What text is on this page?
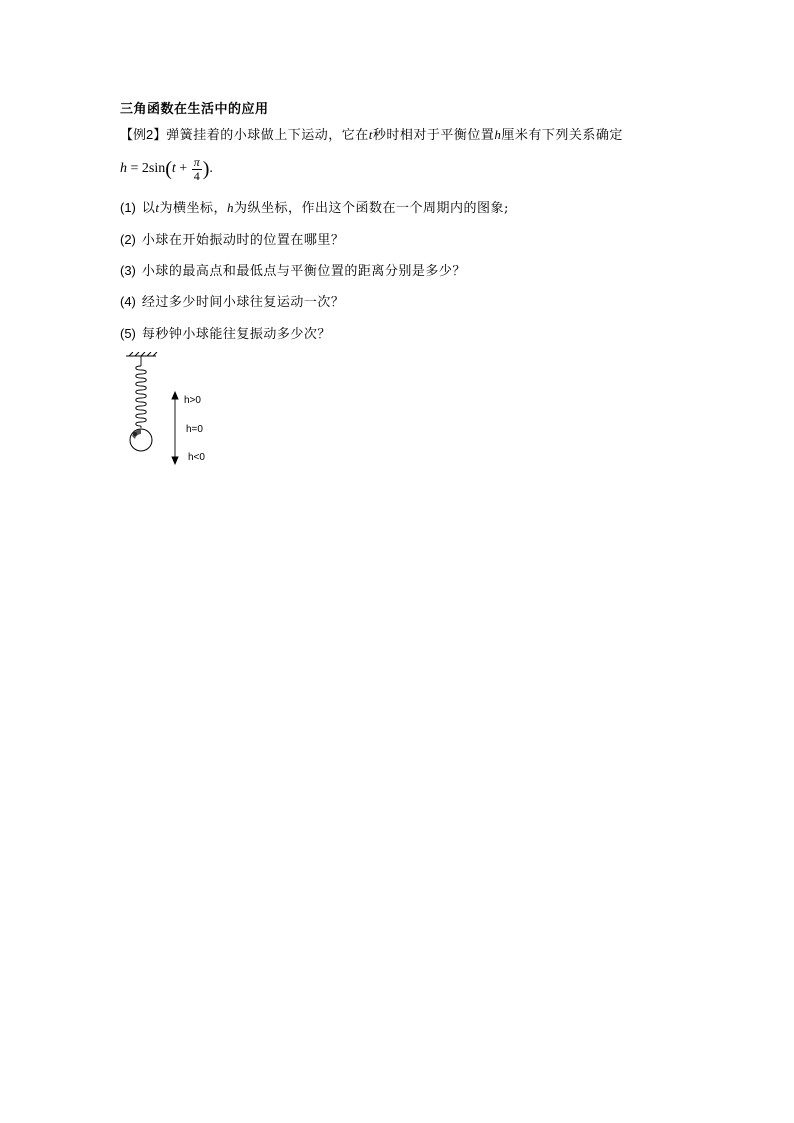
三角函数在生活中的应用
【例2】弹簧挂着的小球做上下运动，它在t秒时相对于平衡位置h厘米有下列关系确定
h = 2sin ( $t + \frac{\pi}{4}$ ) .
(1) 以t为横坐标，h为纵坐标，作出这个函数在一个周期内的图象;
(2) 小球在开始振动时的位置在哪里？
(3) 小球的最高点和最低点与平衡位置的距离分别是多少？
(4) 经过多少时间小球往复运动一次？
(5) 每秒钟小球能往复振动多少次？
h>0
h=0
h<0
